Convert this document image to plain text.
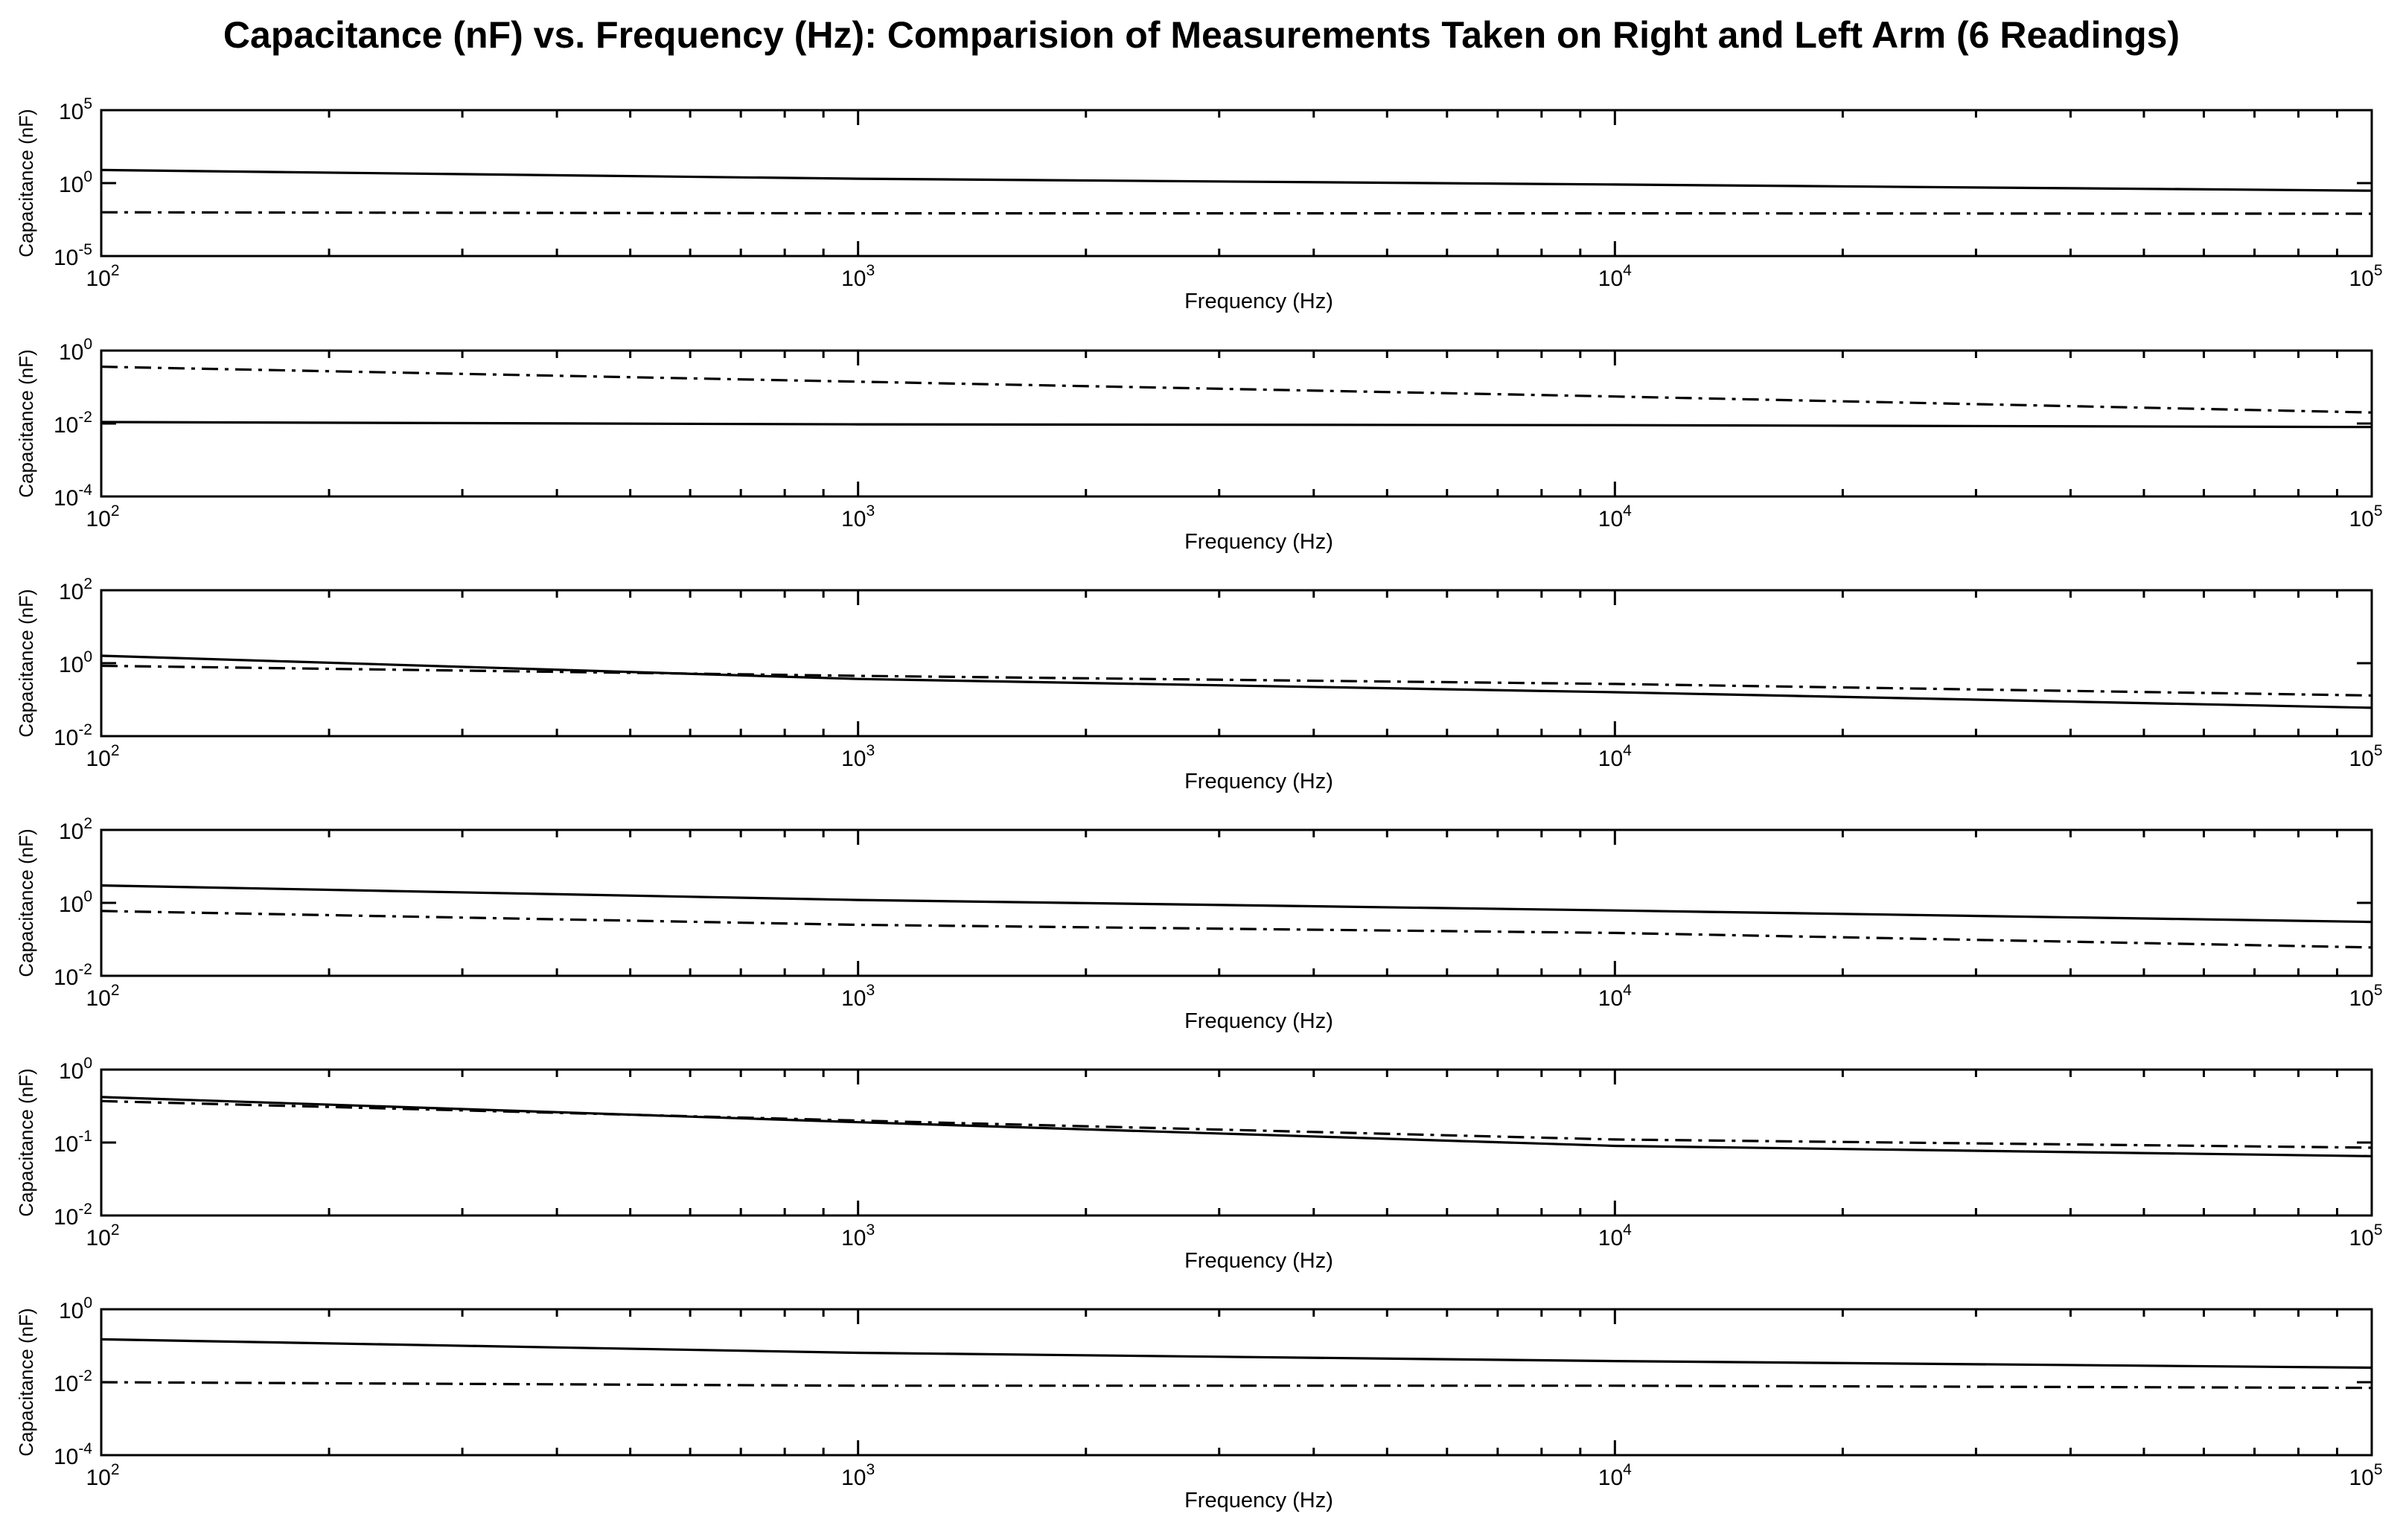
Capacitance (nF) vs. Frequency (Hz): Comparision of Measurements Taken on Right and Left Arm (6 Readings)
$10^2$	$10^3$	$10^4$	$10^5$
$10^{-5}$
$10^0$
$10^5$
Frequency (Hz)
Capacitance (nF)
$10^2$	$10^3$	$10^4$	$10^5$
$10^{-4}$
$10^{-2}$
$10^0$
Frequency (Hz)
Capacitance (nF)
$10^2$	$10^3$	$10^4$	$10^5$
$10^{-2}$
$10^0$
$10^2$
Frequency (Hz)
Capacitance (nF)
$10^2$	$10^3$	$10^4$	$10^5$
$10^{-2}$
$10^0$
$10^2$
Frequency (Hz)
Capacitance (nF)
$10^2$	$10^3$	$10^4$	$10^5$
$10^{-2}$
$10^{-1}$
$10^0$
Frequency (Hz)
Capacitance (nF)
$10^2$	$10^3$	$10^4$	$10^5$
$10^{-4}$
$10^{-2}$
$10^0$
Frequency (Hz)
Capacitance (nF)
